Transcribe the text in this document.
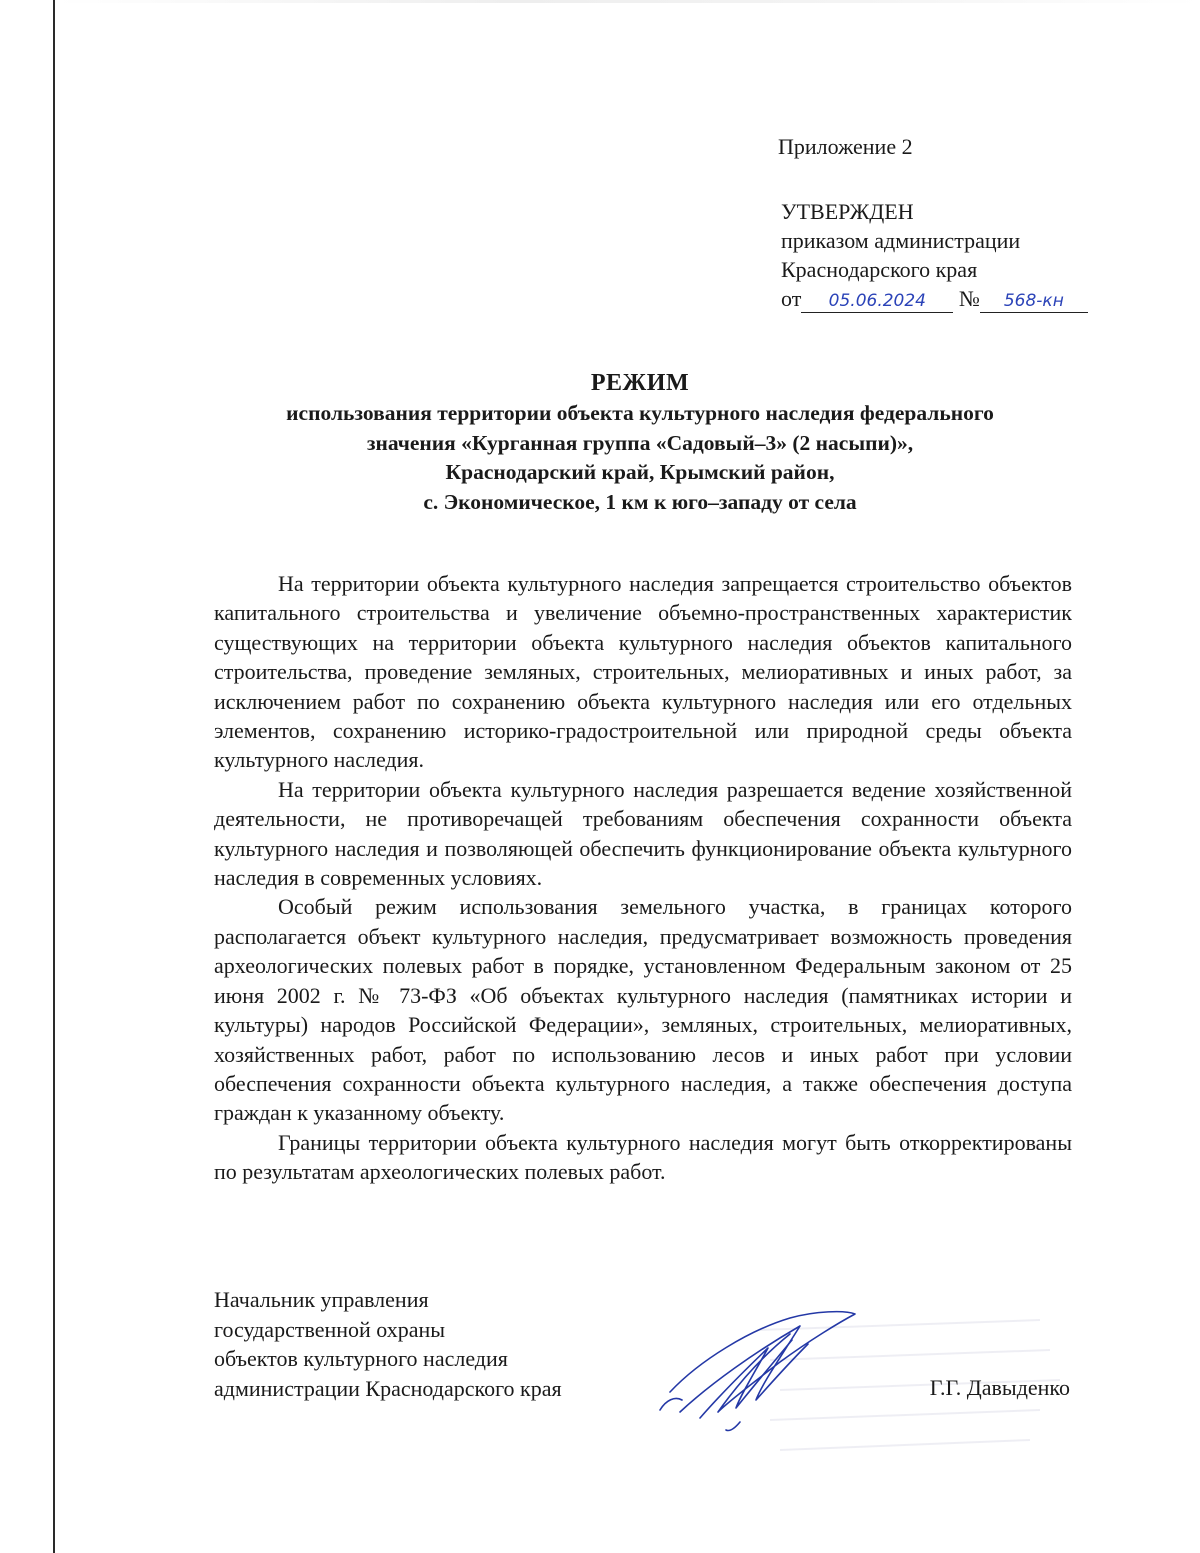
Приложение 2
УТВЕРЖДЕН
приказом администрации
Краснодарского края
от 05.06.2024 № 568-кн
РЕЖИМ
использования территории объекта культурного наследия федерального
значения «Курганная группа «Садовый–3» (2 насыпи)»,
Краснодарский край, Крымский район,
с. Экономическое, 1 км к юго–западу от села

На территории объекта культурного наследия запрещается строительство объектов капитального строительства и увеличение объемно-пространственных характеристик существующих на территории объекта культурного наследия объектов капитального строительства, проведение земляных, строительных, мелиоративных и иных работ, за исключением работ по сохранению объекта культурного наследия или его отдельных элементов, сохранению историко-градостроительной или природной среды объекта культурного наследия.

На территории объекта культурного наследия разрешается ведение хозяйственной деятельности, не противоречащей требованиям обеспечения сохранности объекта культурного наследия и позволяющей обеспечить функционирование объекта культурного наследия в современных условиях.

Особый режим использования земельного участка, в границах которого располагается объект культурного наследия, предусматривает возможность проведения археологических полевых работ в порядке, установленном Федеральным законом от 25 июня 2002 г. № 73-ФЗ «Об объектах культурного наследия (памятниках истории и культуры) народов Российской Федерации», земляных, строительных, мелиоративных, хозяйственных работ, работ по использованию лесов и иных работ при условии обеспечения сохранности объекта культурного наследия, а также обеспечения доступа граждан к указанному объекту.

Границы территории объекта культурного наследия могут быть откорректированы по результатам археологических полевых работ.

Начальник управления
государственной охраны
объектов культурного наследия
администрации Краснодарского края	Г.Г. Давыденко
